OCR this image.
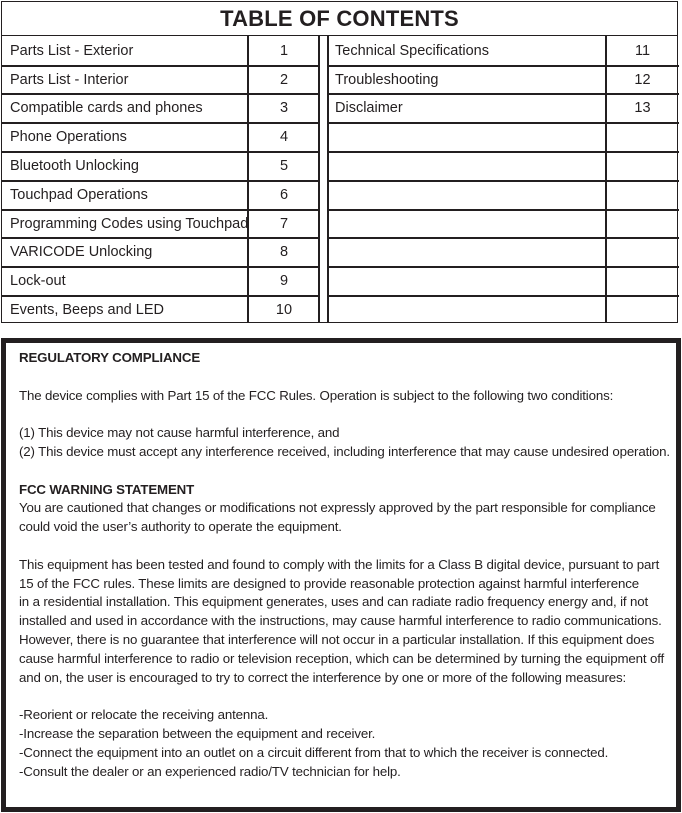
TABLE OF CONTENTS
Parts List - Exterior	1
Parts List - Interior	2
Compatible cards and phones	3
Phone Operations	4
Bluetooth Unlocking	5
Touchpad Operations	6
Programming Codes using Touchpad	7
VARICODE Unlocking	8
Lock-out	9
Events, Beeps and LED	10
Technical Specifications	11
Troubleshooting	12
Disclaimer	13

REGULATORY COMPLIANCE

The device complies with Part 15 of the FCC Rules. Operation is subject to the following two conditions:

(1) This device may not cause harmful interference, and

(2) This device must accept any interference received, including interference that may cause undesired operation.

FCC WARNING STATEMENT

You are cautioned that changes or modifications not expressly approved by the part responsible for compliance

could void the user’s authority to operate the equipment.

This equipment has been tested and found to comply with the limits for a Class B digital device, pursuant to part

15 of the FCC rules. These limits are designed to provide reasonable protection against harmful interference

in a residential installation. This equipment generates, uses and can radiate radio frequency energy and, if not

installed and used in accordance with the instructions, may cause harmful interference to radio communications.

However, there is no guarantee that interference will not occur in a particular installation. If this equipment does

cause harmful interference to radio or television reception, which can be determined by turning the equipment off

and on, the user is encouraged to try to correct the interference by one or more of the following measures:

-Reorient or relocate the receiving antenna.

-Increase the separation between the equipment and receiver.

-Connect the equipment into an outlet on a circuit different from that to which the receiver is connected.

-Consult the dealer or an experienced radio/TV technician for help.
